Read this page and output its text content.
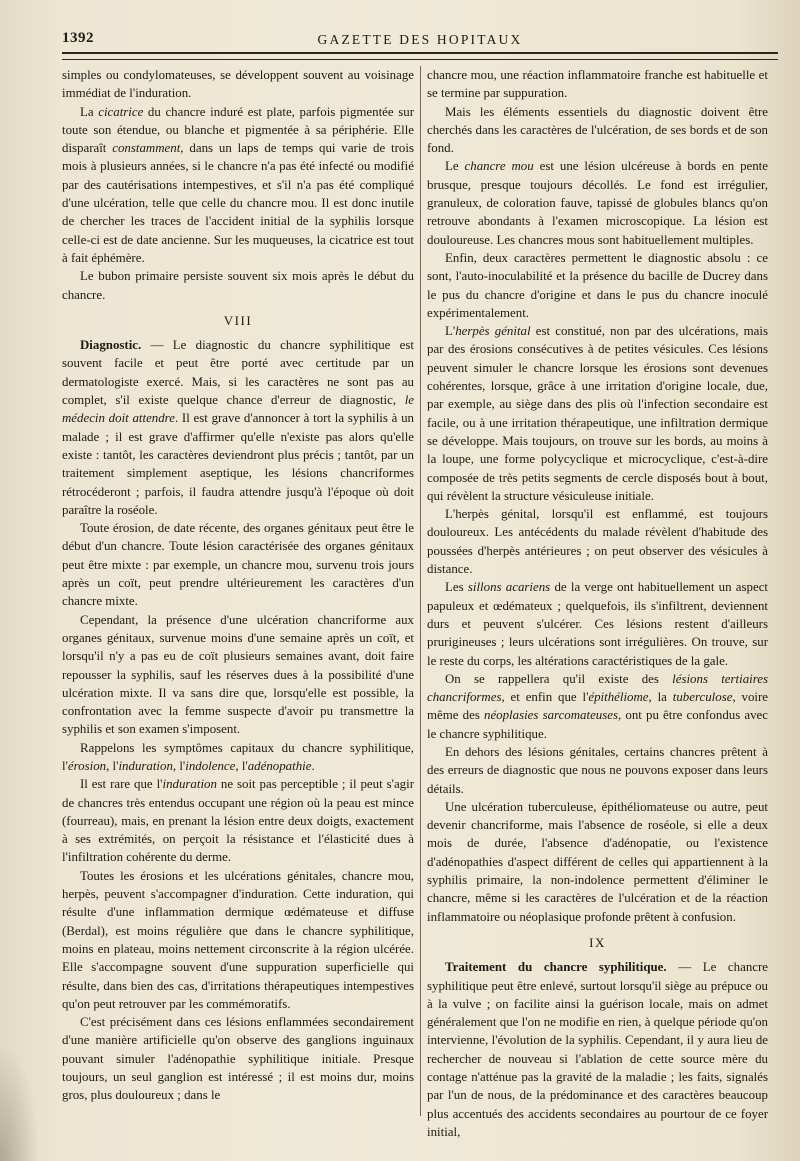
1392	GAZETTE DES HOPITAUX

simples ou condylomateuses, se développent souvent au voisinage immédiat de l'induration.

La cicatrice du chancre induré est plate, parfois pigmentée sur toute son étendue, ou blanche et pigmentée à sa périphérie. Elle disparaît constamment, dans un laps de temps qui varie de trois mois à plusieurs années, si le chancre n'a pas été infecté ou modifié par des cautérisations intempestives, et s'il n'a pas été compliqué d'une ulcération, telle que celle du chancre mou. Il est donc inutile de chercher les traces de l'accident initial de la syphilis lorsque celle-ci est de date ancienne. Sur les muqueuses, la cicatrice est tout à fait éphémère.

Le bubon primaire persiste souvent six mois après le début du chancre.

VIII

Diagnostic. — Le diagnostic du chancre syphilitique est souvent facile et peut être porté avec certitude par un dermatologiste exercé. Mais, si les caractères ne sont pas au complet, s'il existe quelque chance d'erreur de diagnostic, le médecin doit attendre. Il est grave d'annoncer à tort la syphilis à un malade ; il est grave d'affirmer qu'elle n'existe pas alors qu'elle existe : tantôt, les caractères deviendront plus précis ; tantôt, par un traitement simplement aseptique, les lésions chancriformes rétrocéderont ; parfois, il faudra attendre jusqu'à l'époque où doit paraître la roséole.

Toute érosion, de date récente, des organes génitaux peut être le début d'un chancre. Toute lésion caractérisée des organes génitaux peut être mixte : par exemple, un chancre mou, survenu trois jours après un coït, peut prendre ultérieurement les caractères d'un chancre mixte.

Cependant, la présence d'une ulcération chancriforme aux organes génitaux, survenue moins d'une semaine après un coït, et lorsqu'il n'y a pas eu de coït plusieurs semaines avant, doit faire repousser la syphilis, sauf les réserves dues à la possibilité d'une ulcération mixte. Il va sans dire que, lorsqu'elle est possible, la confrontation avec la femme suspecte d'avoir pu transmettre la syphilis et son examen s'imposent.

Rappelons les symptômes capitaux du chancre syphilitique, l'érosion, l'induration, l'indolence, l'adénopathie.

Il est rare que l'induration ne soit pas perceptible ; il peut s'agir de chancres très entendus occupant une région où la peau est mince (fourreau), mais, en prenant la lésion entre deux doigts, exactement à ses extrémités, on perçoit la résistance et l'élasticité dues à l'infiltration cohérente du derme.

Toutes les érosions et les ulcérations génitales, chancre mou, herpès, peuvent s'accompagner d'induration. Cette induration, qui résulte d'une inflammation dermique œdémateuse et diffuse (Berdal), est moins régulière que dans le chancre syphilitique, moins en plateau, moins nettement circonscrite à la région ulcérée. Elle s'accompagne souvent d'une suppuration superficielle qui résulte, dans bien des cas, d'irritations thérapeutiques intempestives qu'on peut retrouver par les commémoratifs.

C'est précisément dans ces lésions enflammées secondairement d'une manière artificielle qu'on observe des ganglions inguinaux pouvant simuler l'adénopathie syphilitique initiale. Presque toujours, un seul ganglion est intéressé ; il est moins dur, moins gros, plus douloureux ; dans le

chancre mou, une réaction inflammatoire franche est habituelle et se termine par suppuration.

Mais les éléments essentiels du diagnostic doivent être cherchés dans les caractères de l'ulcération, de ses bords et de son fond.

Le chancre mou est une lésion ulcéreuse à bords en pente brusque, presque toujours décollés. Le fond est irrégulier, granuleux, de coloration fauve, tapissé de globules blancs qu'on retrouve abondants à l'examen microscopique. La lésion est douloureuse. Les chancres mous sont habituellement multiples.

Enfin, deux caractères permettent le diagnostic absolu : ce sont, l'auto-inoculabilité et la présence du bacille de Ducrey dans le pus du chancre d'origine et dans le pus du chancre inoculé expérimentalement.

L'herpès génital est constitué, non par des ulcérations, mais par des érosions consécutives à de petites vésicules. Ces lésions peuvent simuler le chancre lorsque les érosions sont devenues cohérentes, lorsque, grâce à une irritation d'origine locale, due, par exemple, au siège dans des plis où l'infection secondaire est facile, ou à une irritation thérapeutique, une infiltration dermique se développe. Mais toujours, on trouve sur les bords, au moins à la loupe, une forme polycyclique et microcyclique, c'est-à-dire composée de très petits segments de cercle disposés bout à bout, qui révèlent la structure vésiculeuse initiale.

L'herpès génital, lorsqu'il est enflammé, est toujours douloureux. Les antécédents du malade révèlent d'habitude des poussées d'herpès antérieures ; on peut observer des vésicules à distance.

Les sillons acariens de la verge ont habituellement un aspect papuleux et œdémateux ; quelquefois, ils s'infiltrent, deviennent durs et peuvent s'ulcérer. Ces lésions restent d'ailleurs prurigineuses ; leurs ulcérations sont irrégulières. On trouve, sur le reste du corps, les altérations caractéristiques de la gale.

On se rappellera qu'il existe des lésions tertiaires chancriformes, et enfin que l'épithéliome, la tuberculose, voire même des néoplasies sarcomateuses, ont pu être confondus avec le chancre syphilitique.

En dehors des lésions génitales, certains chancres prêtent à des erreurs de diagnostic que nous ne pouvons exposer dans leurs détails.

Une ulcération tuberculeuse, épithéliomateuse ou autre, peut devenir chancriforme, mais l'absence de roséole, si elle a deux mois de durée, l'absence d'adénopatie, ou l'existence d'adénopathies d'aspect différent de celles qui appartiennent à la syphilis primaire, la non-indolence permettent d'éliminer le chancre, même si les caractères de l'ulcération et de la réaction inflammatoire ou néoplasique profonde prêtent à confusion.

IX

Traitement du chancre syphilitique. — Le chancre syphilitique peut être enlevé, surtout lorsqu'il siège au prépuce ou à la vulve ; on facilite ainsi la guérison locale, mais on admet généralement que l'on ne modifie en rien, à quelque période qu'on intervienne, l'évolution de la syphilis. Cependant, il y aura lieu de rechercher de nouveau si l'ablation de cette source mère du contage n'atténue pas la gravité de la maladie ; les faits, signalés par l'un de nous, de la prédominance et des caractères beaucoup plus accentués des accidents secondaires au pourtour de ce foyer initial,
